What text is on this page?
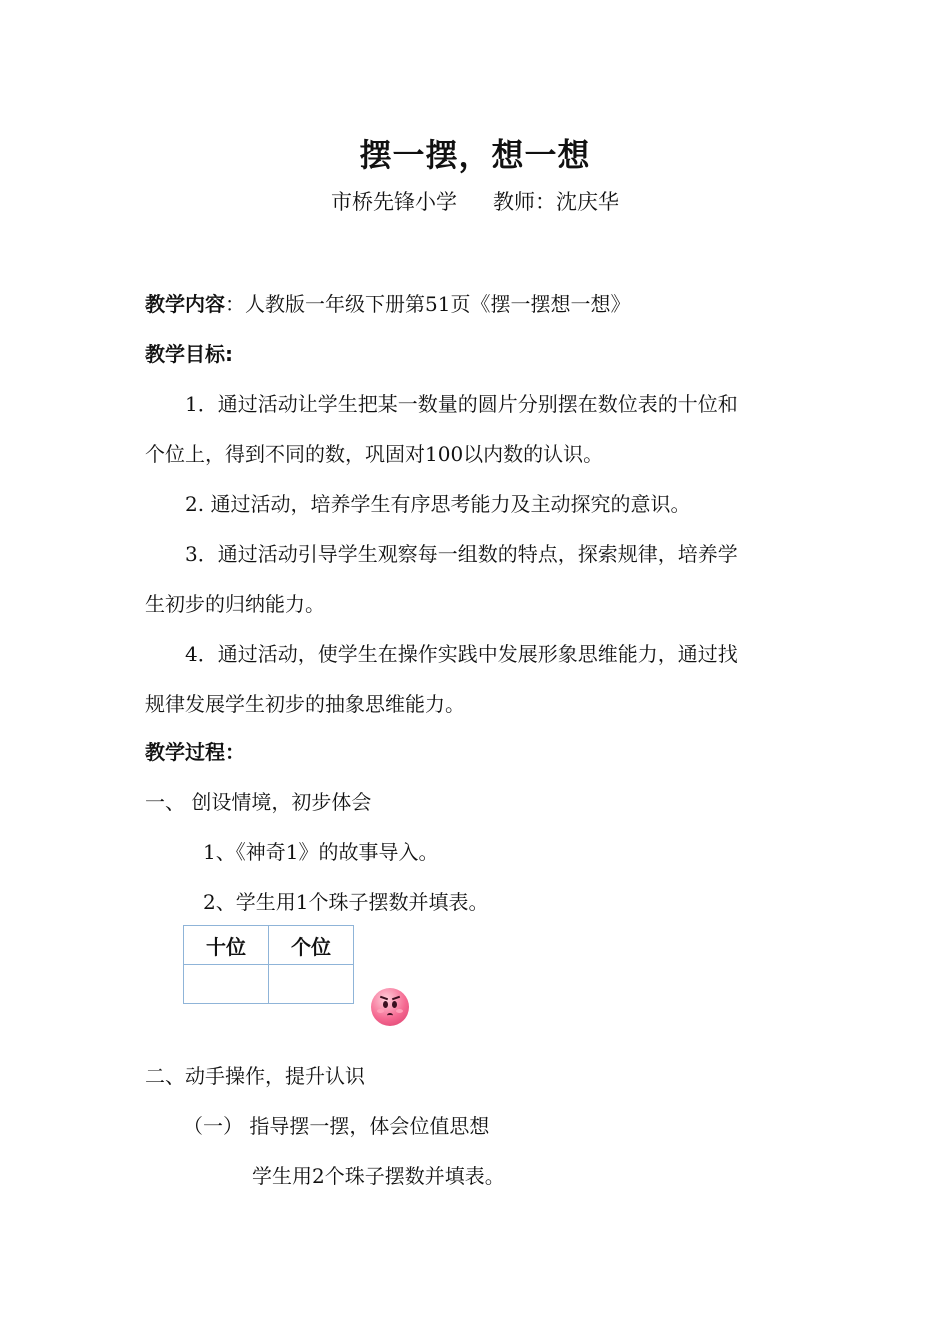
摆一摆，想一想
市桥先锋小学 教师：沈庆华
教学内容：人教版一年级下册第51页《摆一摆想一想》
教学目标:
1．通过活动让学生把某一数量的圆片分别摆在数位表的十位和
个位上，得到不同的数，巩固对100以内数的认识。
2. 通过活动，培养学生有序思考能力及主动探究的意识。
3．通过活动引导学生观察每一组数的特点，探索规律，培养学
生初步的归纳能力。
4．通过活动，使学生在操作实践中发展形象思维能力，通过找
规律发展学生初步的抽象思维能力。
教学过程：
一、 创设情境，初步体会
1、《神奇1》的故事导入。
2、学生用1个珠子摆数并填表。
十位	个位

二、动手操作，提升认识
（一） 指导摆一摆，体会位值思想
学生用2个珠子摆数并填表。
